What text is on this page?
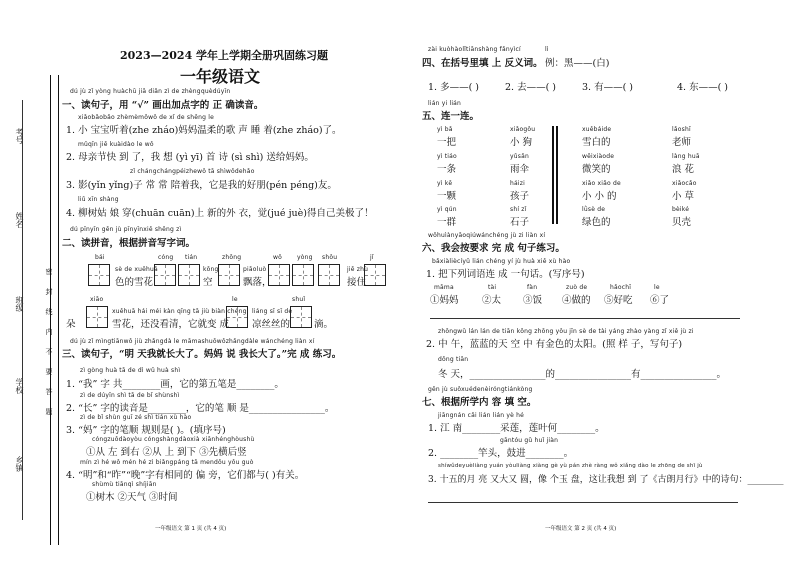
考号
姓名
班级
学校
乡镇
密
封
线
内
不
要
答
题
2023—2024 学年上学期全册巩固练习题
一年级语文
dú jù zǐ yòng huàchū jiā diǎn zì de zhèngquèdúyīn
一、读句子，用 “√” 画出加点字的 正 确读音。
xiǎobǎobǎo zhèmèmōwǒ de xǐ de shēng le
1. 小 宝宝听着(zhe zháo)妈妈温柔的歌 声 睡 着(zhe zháo)了。
mǔqīn jiē kuàidào le wǒ
2. 母亲节快 到 了，我 想 (yì yī) 首 诗 (sì shì) 送给妈妈。
zǐ chángchángpéizhewǒ tā shìwǒdehǎo
3. 影(yǐn yǐng)子 常 常 陪着我，它是我的好朋(pén péng)友。
liǔ xīn shàng
4. 柳树姑 娘 穿(chuān cuān)上 新的外 衣，觉(jué juè)得自己美极了！
dú pīnyīn gēn jù pīnyīnxiě shēng zì
二、读拼音，根据拼音写字词。
bái	cóng tián	zhōng	wǒ	yòng shǒu	jǐ
sè de xuěhuā
色的雪花
kōng
空
piāoluò
飘落，
jiē zhù
接住
xiāo	le	shuǐ
朵
xuěhuā hái méi kàn qīng tā jiù biàn chéng
雪花，还没看清，它就变 成
liáng sī sī de
凉丝丝的	滴。
dú jù zǐ mìngtiānwǒ jiù zhǎngdà le māmashuōwǒzhǎngdàle wánchéng liàn xí
三、读句子，“明 天我就长大了。妈妈 说 我长大了。”完 成 练习。
zì gòng huà tā de dì wǔ huà shì
1. “我” 字 共________画，它的第五笔是________。
zì de dúyīn shì tā de bǐ shùnshì
2. “长” 字的读音是________，它的笔 顺 是________________。
zì de bǐ shùn guī zé shì tián xù hào
3. “妈” 字的笔顺 规则是( )。(填序号)
cóngzuǒdàoyòu cóngshàngdàoxià xiānhénghòushù
①从 左 到右 ②从 上 到下 ③先横后竖
mín zì hé wǒ mén hé zì biǎngpáng tā mendōu yǒu guò
4. “明”和“昨”“晚”字有相同的 偏 旁，它们都与( )有关。
shùmù tiānqì shíjiān
①树木 ②天气 ③时间
一年级语文 第 1 页 (共 4 页)
zài kuòhàolǐtiānshàng fǎnyìcí
四、在括号里填 上 反义词。
lì
例：黑——(白)
1. 多——( )	2. 去——( )	3. 有——( )	4. 东——( )
lián yi lián
五、连一连。
yì bǎ
一把
yì tiáo
一条
yì kē
一颗
yì qún
一群
xiǎogǒu
小 狗
yǔsǎn
雨伞
háizi
孩子
shí zǐ
石子
xuěbáide
雪白的
wēixiàode
微笑的
xiǎo xiǎo de
小 小 的
lǜsè de
绿色的
lǎoshī
老师
làng huā
浪 花
xiǎocǎo
小 草
bèiké
贝壳
wǒhuìànyāoqiúwánchéng jù zi liàn xí
六、我会按要求 完 成 句子练习。
bǎxiàliècíyǔ lián chéng yí jù huà xiě xù hào
1. 把下列词语连 成 一句话。(写序号)
māma
①妈妈
tài
②太
fàn
③饭
zuò de
④做的
hǎochī
⑤好吃
le
⑥了
zhōngwǔ lán lán de tiān kōng zhōng yǒu jīn sè de tài yáng zhào yàng zǐ xiě jù zi
2. 中 午，蓝蓝的天 空 中 有金色的太阳。(照 样 子，写句子)
dōng tiān
冬 天，________________的________________有________________。
gēn jù suǒxuédenèiróngtiánkòng
七、根据所学内 容 填 空。
jiāngnán cǎi lián lián yè hé
1. 江 南________采莲，莲叶何________。
gāntóu gǔ huǐ jiàn
2. ________竿头，鼓进________。
shíwǔdeyuèliàng yuán yòuliàng xiàng gè yù pán zhè ràng wǒ xiǎng dào le zhōng de shī jù
3. 十五的月 亮 又大又 圆，像 个玉 盘，这让我想 到 了《古朗月行》中的诗句：________
一年级语文 第 2 页 (共 4 页)
